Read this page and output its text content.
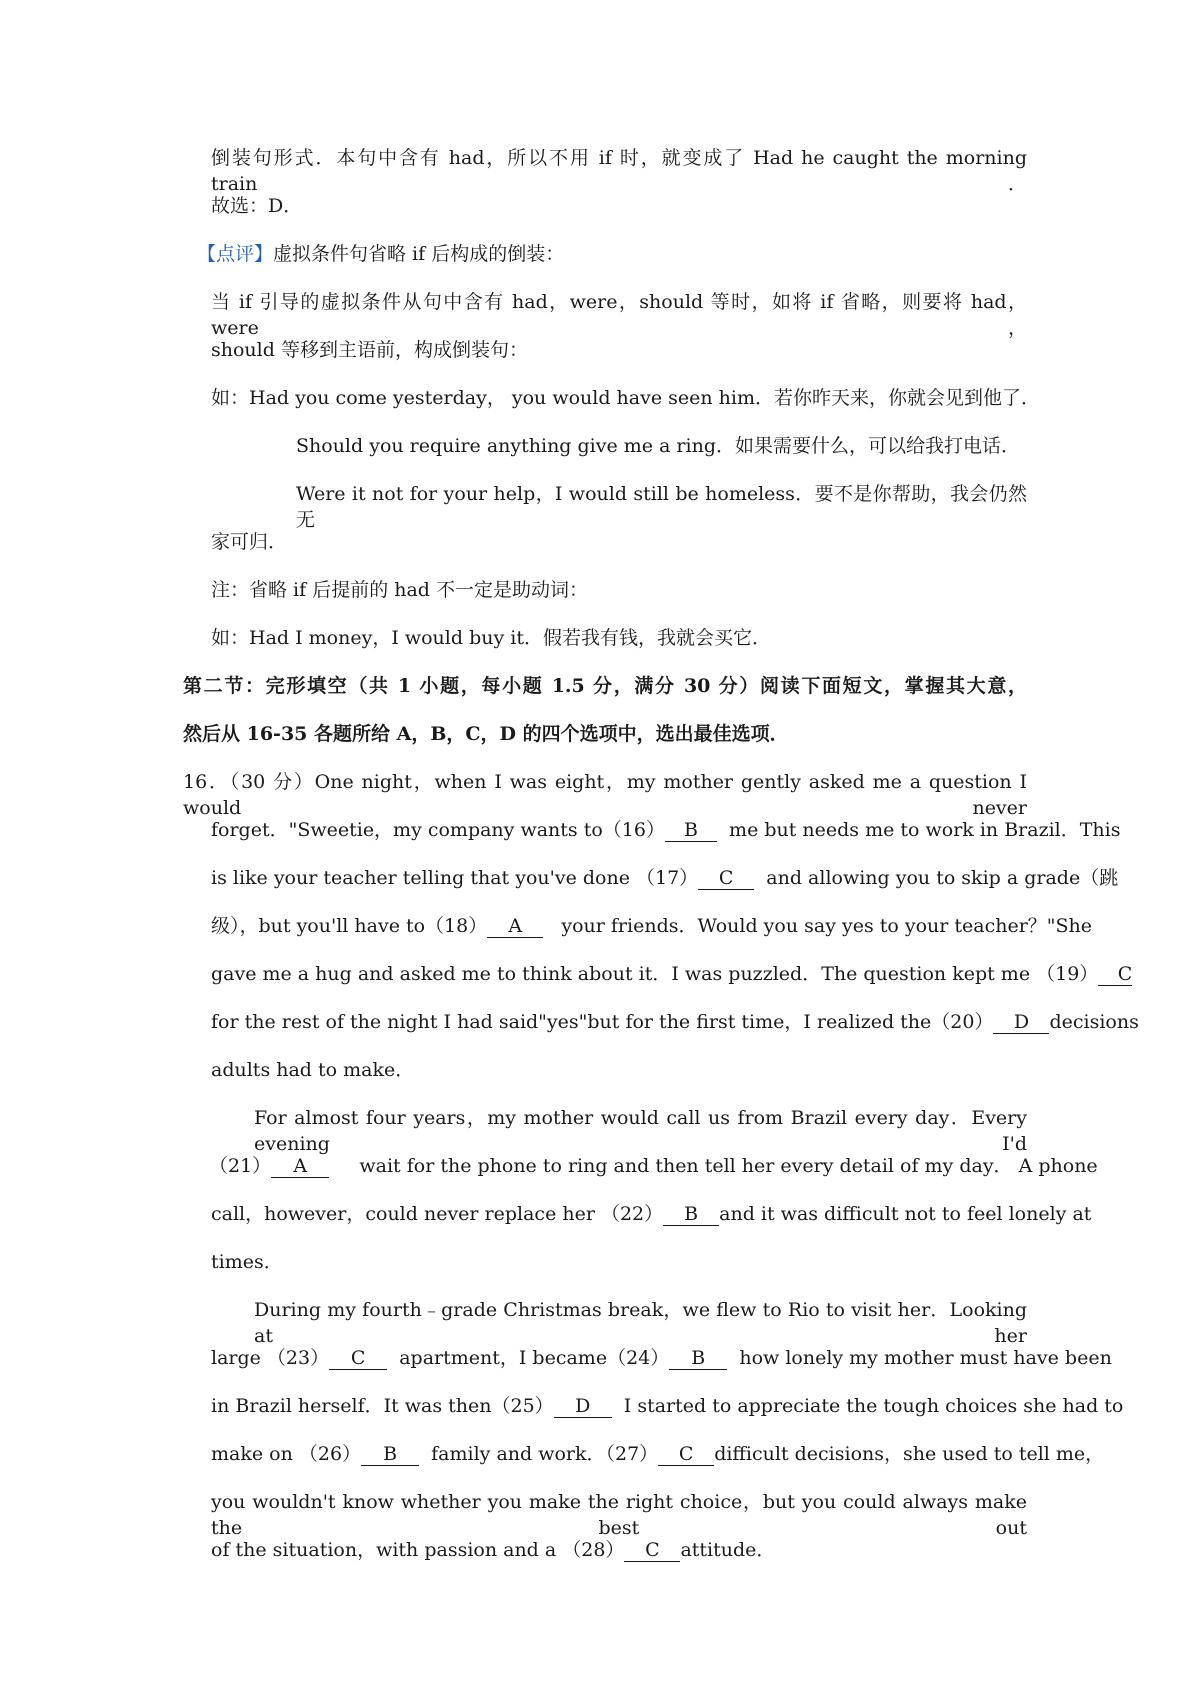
倒装句形式．本句中含有 had，所以不用 if 时，就变成了 Had he caught the morning train．
故选：D．
【点评】虚拟条件句省略 if 后构成的倒装：
当 if 引导的虚拟条件从句中含有 had，were，should 等时，如将 if 省略，则要将 had，were，
should 等移到主语前，构成倒装句：
如：Had you come yesterday， you would have seen him．若你昨天来，你就会见到他了．
Should you require anything give me a ring．如果需要什么，可以给我打电话．
Were it not for your help，I would still be homeless．要不是你帮助，我会仍然无
家可归．
注：省略 if 后提前的 had 不一定是助动词：
如：Had I money，I would buy it．假若我有钱，我就会买它．
第二节：完形填空（共 1 小题，每小题 1.5 分，满分 30 分）阅读下面短文，掌握其大意，
然后从 16-35 各题所给 A，B，C，D 的四个选项中，选出最佳选项．
16．（30 分）One night，when I was eight，my mother gently asked me a question I would never
forget．"Sweetie，my company wants to（16） B me but needs me to work in Brazil．This
is like your teacher telling that you've done （17） C and allowing you to skip a grade（跳
级），but you'll have to（18） A your friends．Would you say yes to your teacher？"She
gave me a hug and asked me to think about it．I was puzzled．The question kept me （19） C
for the rest of the night I had said"yes"but for the first time，I realized the（20） D decisions
adults had to make．
For almost four years，my mother would call us from Brazil every day．Every evening I'd
（21） A	wait for the phone to ring and then tell her every detail of my day． A phone
call，however，could never replace her （22） B and it was difficult not to feel lonely at
times．
During my fourth﹣grade Christmas break，we flew to Rio to visit her．Looking at her
large （23） C apartment，I became（24） B how lonely my mother must have been
in Brazil herself．It was then（25） D I started to appreciate the tough choices she had to
make on （26） B family and work．（27） C difficult decisions，she used to tell me，
you wouldn't know whether you make the right choice，but you could always make the best out
of the situation，with passion and a （28） C attitude．
